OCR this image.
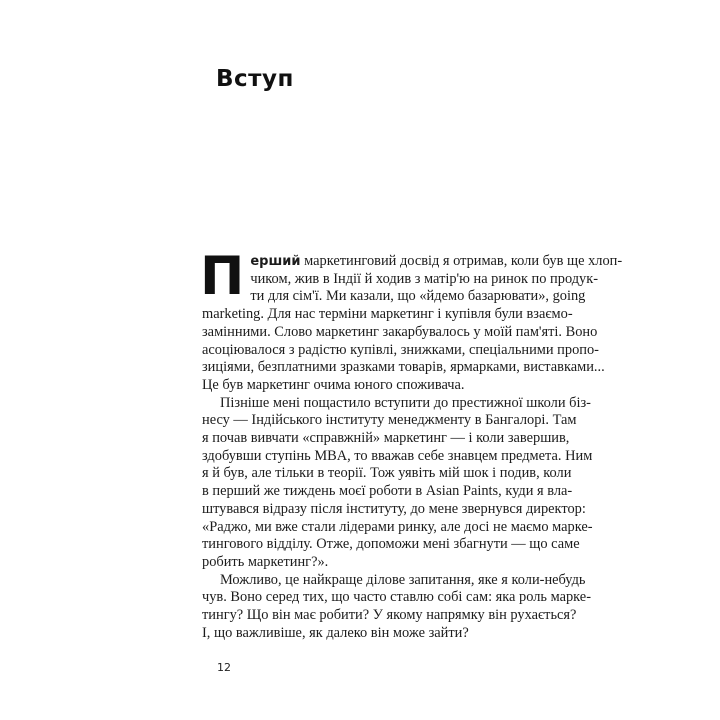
Вступ

П ерший маркетинговий досвід я отримав, коли був ще хлоп-
чиком, жив в Індії й ходив з матір'ю на ринок по продук-
ти для сім'ї. Ми казали, що «йдемо базарювати», going
marketing. Для нас терміни маркетинг і купівля були взаємо-
замінними. Слово маркетинг закарбувалось у моїй пам'яті. Воно
асоціювалося з радістю купівлі, знижками, спеціальними пропо-
зиціями, безплатними зразками товарів, ярмарками, виставками...
Це був маркетинг очима юного споживача.

Пізніше мені пощастило вступити до престижної школи біз-
несу — Індійського інституту менеджменту в Бангалорі. Там
я почав вивчати «справжній» маркетинг — і коли завершив,
здобувши ступінь MBA, то вважав себе знавцем предмета. Ним
я й був, але тільки в теорії. Тож уявіть мій шок і подив, коли
в перший же тиждень моєї роботи в Asian Paints, куди я вла-
штувався відразу після інституту, до мене звернувся директор:
«Раджо, ми вже стали лідерами ринку, але досі не маємо марке-
тингового відділу. Отже, допоможи мені збагнути — що саме
робить маркетинг?».

Можливо, це найкраще ділове запитання, яке я коли-небудь
чув. Воно серед тих, що часто ставлю собі сам: яка роль марке-
тингу? Що він має робити? У якому напрямку він рухається?
І, що важливіше, як далеко він може зайти?

12
